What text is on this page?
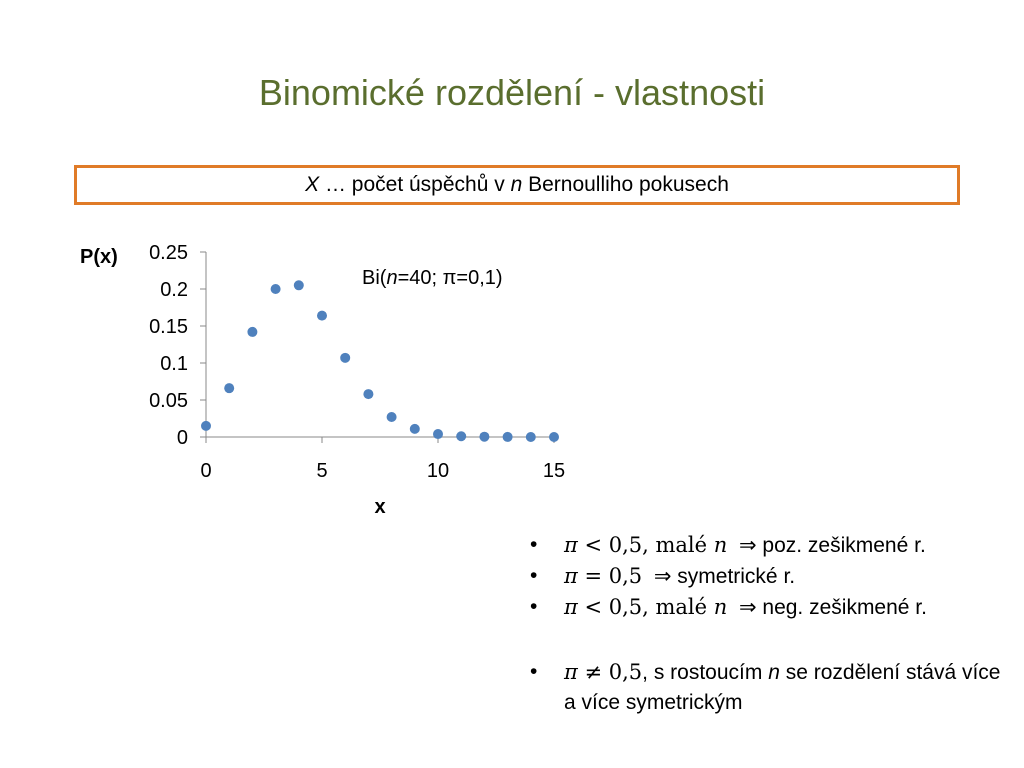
Binomické rozdělení - vlastnosti
X … počet úspěchů v n Bernoulliho pokusech
0
0.05
0.1
0.15
0.2
0.25
0	5	10	15
P(x)
x
Bi(n=40; π=0,1)
•	π < 0,5, malé n  ⇒ poz. zešikmené r.
•	π = 0,5  ⇒ symetrické r.
•	π < 0,5, malé n  ⇒ neg. zešikmené r.
•	π ≠ 0,5, s rostoucím n se rozdělení stává více a více symetrickým
